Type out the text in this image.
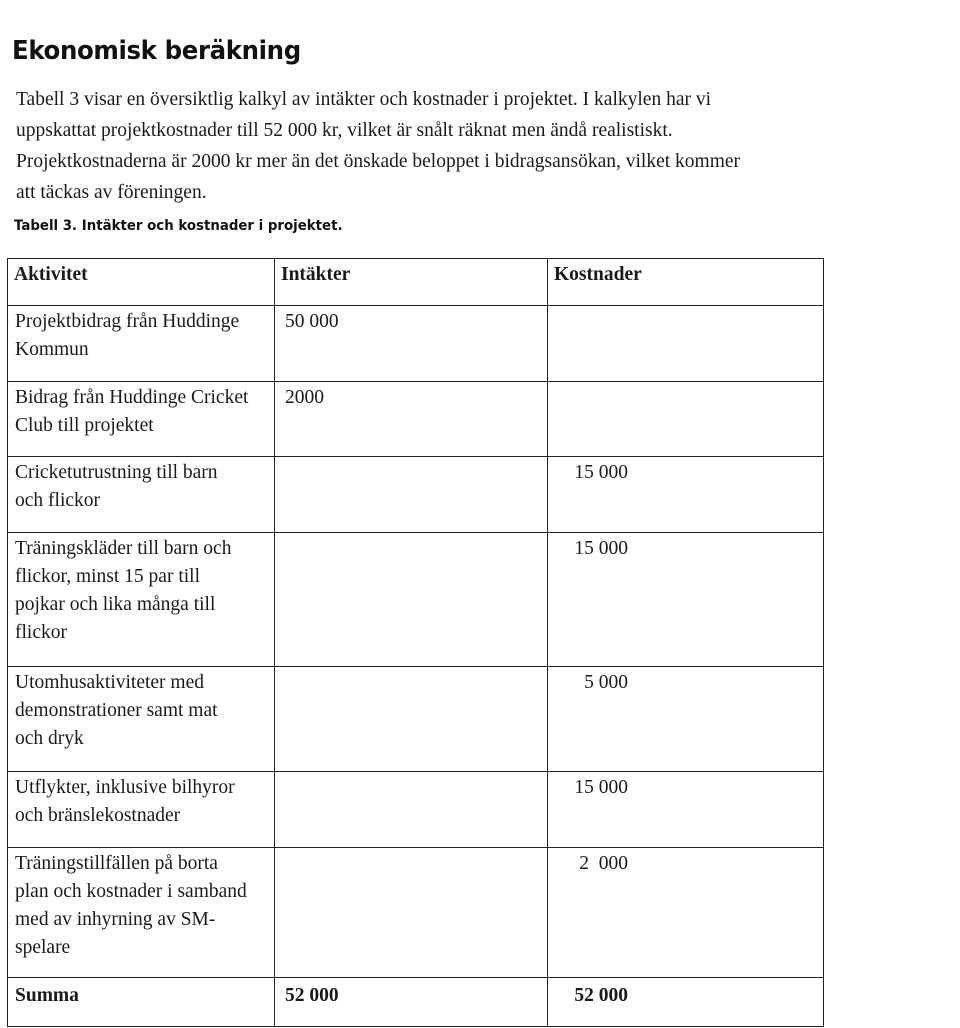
Ekonomisk beräkning

Tabell 3 visar en översiktlig kalkyl av intäkter och kostnader i projektet. I kalkylen har vi
uppskattat projektkostnader till 52 000 kr, vilket är snålt räknat men ändå realistiskt.
Projektkostnaderna är 2000 kr mer än det önskade beloppet i bidragsansökan, vilket kommer
att täckas av föreningen.

Tabell 3. Intäkter och kostnader i projektet.

Aktivitet	Intäkter	Kostnader
Projektbidrag från Huddinge
Kommun	50 000	
Bidrag från Huddinge Cricket
Club till projektet	2000	
Cricketutrustning till barn
och flickor		15 000
Träningskläder till barn och
flickor, minst 15 par till
pojkar och lika många till
flickor		15 000
Utomhusaktiviteter med
demonstrationer samt mat
och dryk		5 000
Utflykter, inklusive bilhyror
och bränslekostnader		15 000
Träningstillfällen på borta
plan och kostnader i samband
med av inhyrning av SM-
spelare		2  000
Summa	52 000	52 000
